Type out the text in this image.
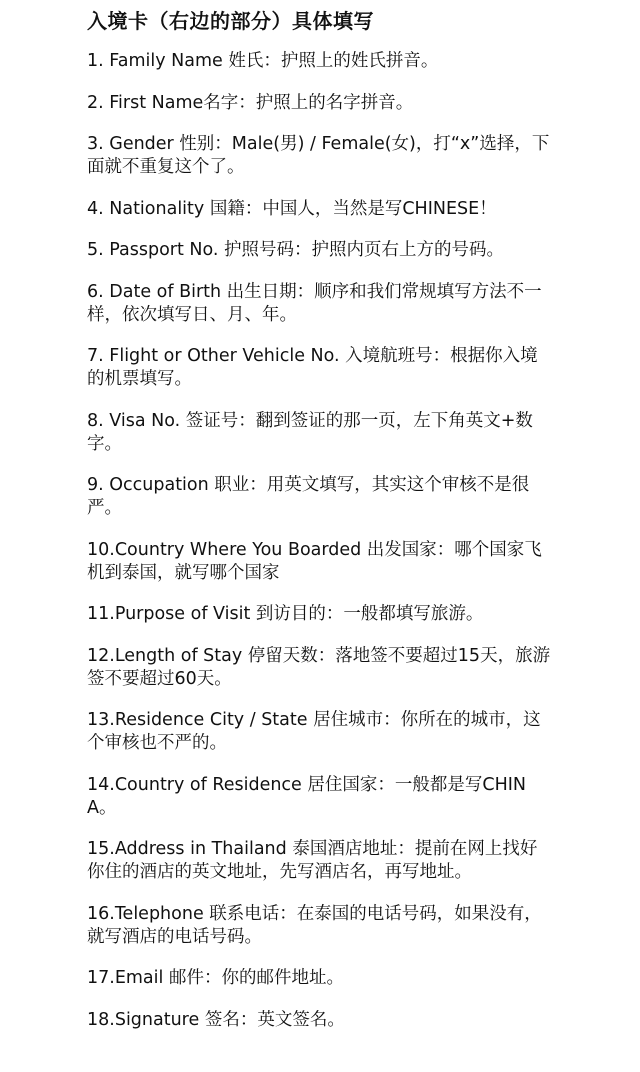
入境卡（右边的部分）具体填写
1. Family Name 姓氏：护照上的姓氏拼音。
2. First Name名字：护照上的名字拼音。
3. Gender 性别：Male(男) / Female(女)，打“x”选择，下面就不重复这个了。
4. Nationality 国籍：中国人，当然是写CHINESE！
5. Passport No. 护照号码：护照内页右上方的号码。
6. Date of Birth 出生日期：顺序和我们常规填写方法不一样，依次填写日、月、年。
7. Flight or Other Vehicle No. 入境航班号：根据你入境的机票填写。
8. Visa No. 签证号：翻到签证的那一页，左下角英文+数字。
9. Occupation 职业：用英文填写，其实这个审核不是很严。
10.Country Where You Boarded 出发国家：哪个国家飞机到泰国，就写哪个国家
11.Purpose of Visit 到访目的：一般都填写旅游。
12.Length of Stay 停留天数：落地签不要超过15天，旅游签不要超过60天。
13.Residence City / State 居住城市：你所在的城市，这个审核也不严的。
14.Country of Residence 居住国家：一般都是写CHINA。
15.Address in Thailand 泰国酒店地址：提前在网上找好你住的酒店的英文地址，先写酒店名，再写地址。
16.Telephone 联系电话：在泰国的电话号码，如果没有，就写酒店的电话号码。
17.Email 邮件：你的邮件地址。
18.Signature 签名：英文签名。
